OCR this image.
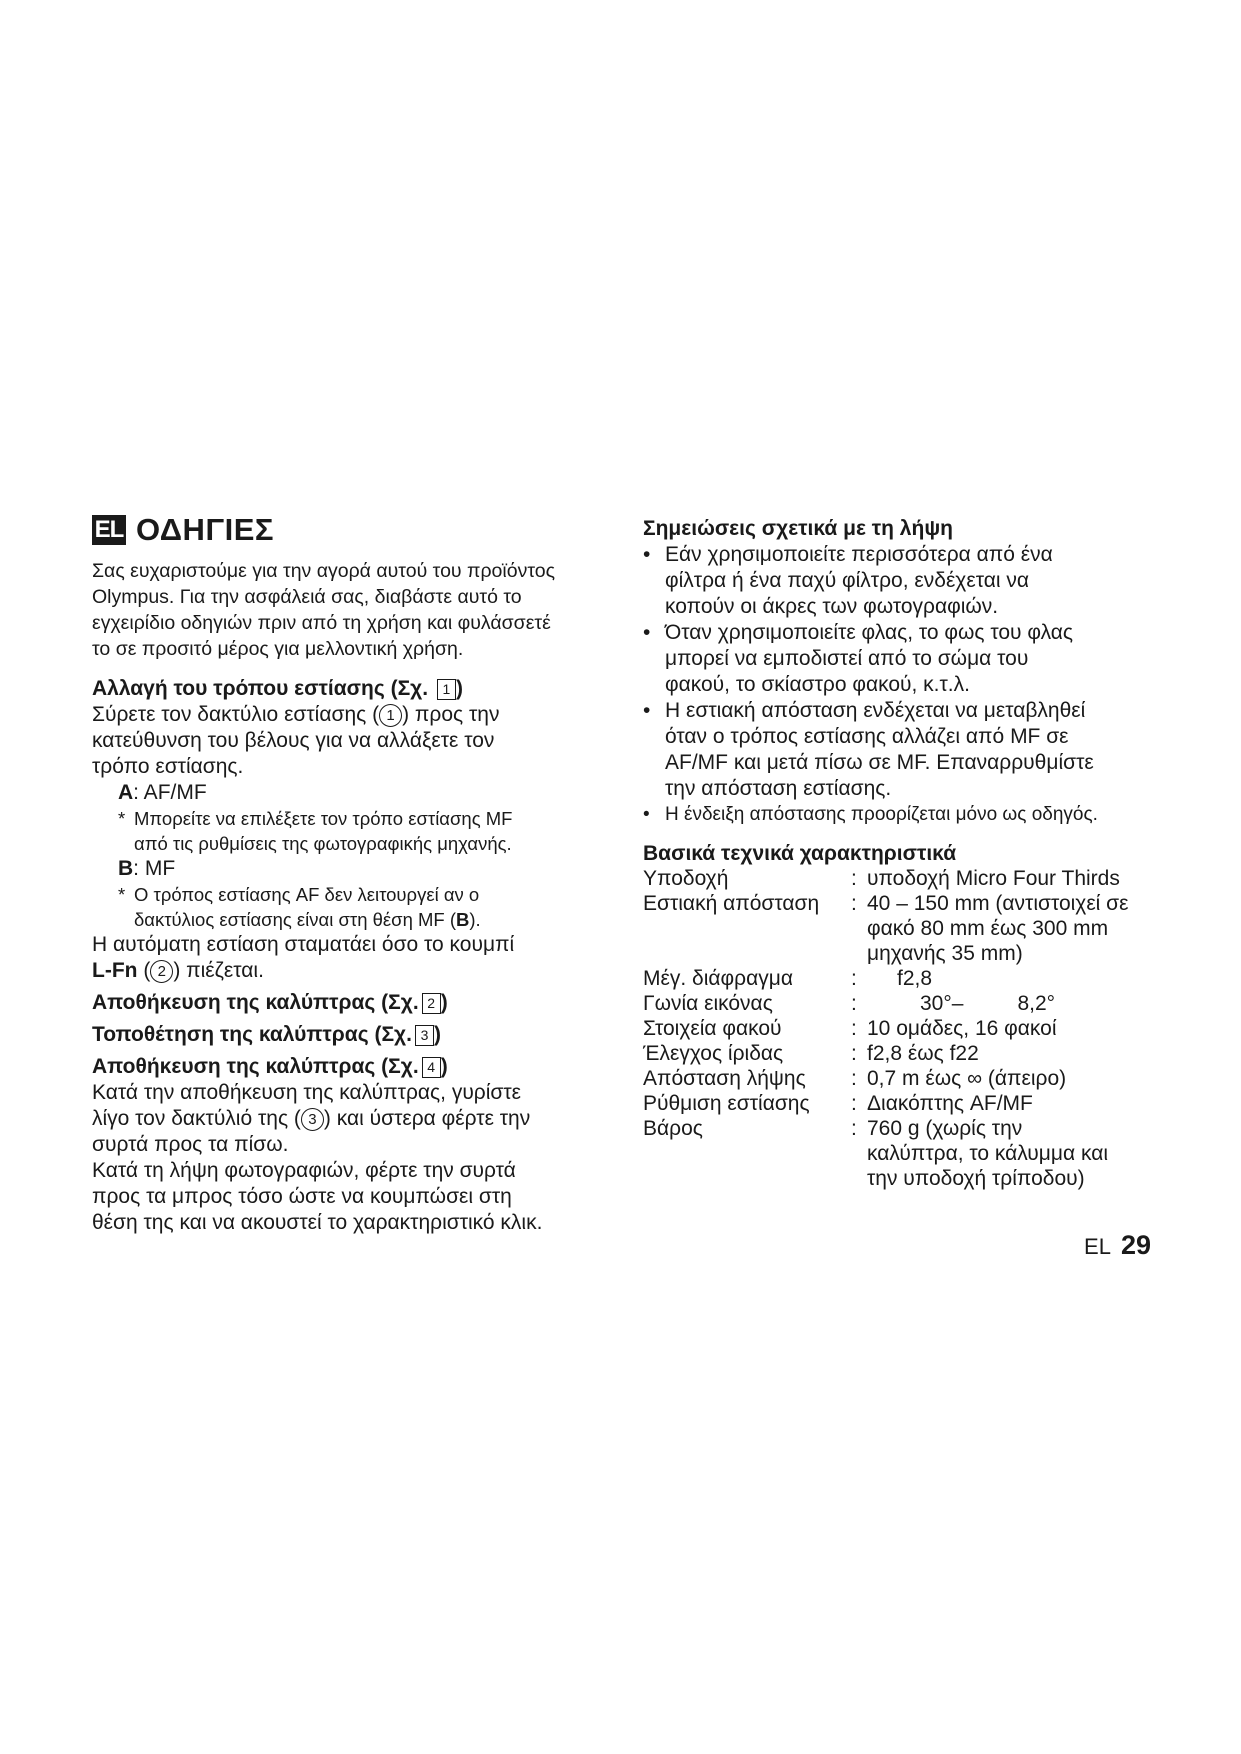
EL ΟΔΗΓΙΕΣ

Σας ευχαριστούμε για την αγορά αυτού του προϊόντος

Olympus. Για την ασφάλειά σας, διαβάστε αυτό το

εγχειρίδιο οδηγιών πριν από τη χρήση και φυλάσσετέ

το σε προσιτό μέρος για μελλοντική χρήση.

Αλλαγή του τρόπου εστίασης (Σχ. 1 )

Σύρετε τον δακτύλιο εστίασης ( 1 ) προς την

κατεύθυνση του βέλους για να αλλάξετε τον

τρόπο εστίασης.

A: AF/MF

* Μπορείτε να επιλέξετε τον τρόπο εστίασης MF
από τις ρυθμίσεις της φωτογραφικής μηχανής.

B: MF

* Ο τρόπος εστίασης AF δεν λειτουργεί αν ο
δακτύλιος εστίασης είναι στη θέση MF (B).

Η αυτόματη εστίαση σταματάει όσο το κουμπί

L-Fn ( 2 ) πιέζεται.

Αποθήκευση της καλύπτρας (Σχ. 2 )

Τοποθέτηση της καλύπτρας (Σχ. 3 )

Αποθήκευση της καλύπτρας (Σχ. 4 )

Κατά την αποθήκευση της καλύπτρας, γυρίστε

λίγο τον δακτύλιό της ( 3 ) και ύστερα φέρτε την

συρτά προς τα πίσω.

Κατά τη λήψη φωτογραφιών, φέρτε την συρτά

προς τα μπρος τόσο ώστε να κουμπώσει στη

θέση της και να ακουστεί το χαρακτηριστικό κλικ.

Σημειώσεις σχετικά με τη λήψη

• Εάν χρησιμοποιείτε περισσότερα από ένα
φίλτρα ή ένα παχύ φίλτρο, ενδέχεται να
κοπούν οι άκρες των φωτογραφιών.
• Όταν χρησιμοποιείτε φλας, το φως του φλας
μπορεί να εμποδιστεί από το σώμα του
φακού, το σκίαστρο φακού, κ.τ.λ.
• Η εστιακή απόσταση ενδέχεται να μεταβληθεί
όταν ο τρόπος εστίασης αλλάζει από MF σε
AF/MF και μετά πίσω σε MF. Επαναρρυθμίστε
την απόσταση εστίασης.
• Η ένδειξη απόστασης προορίζεται μόνο ως οδηγός.

Βασικά τεχνικά χαρακτηριστικά

Υποδοχή	: υποδοχή Micro Four Thirds
Εστιακή απόσταση	: 40 – 150 mm (αντιστοιχεί σε
φακό 80 mm έως 300 mm
μηχανής 35 mm)
Μέγ. διάφραγμα	:	f2,8
Γωνία εικόνας	:	30°–	8,2°
Στοιχεία φακού	: 10 ομάδες, 16 φακοί
Έλεγχος ίριδας	: f2,8 έως f22
Απόσταση λήψης	: 0,7 m έως ∞ (άπειρο)
Ρύθμιση εστίασης	: Διακόπτης AF/MF
Βάρος	: 760 g (χωρίς την
καλύπτρα, το κάλυμμα και
την υποδοχή τρίποδου)
EL 29
